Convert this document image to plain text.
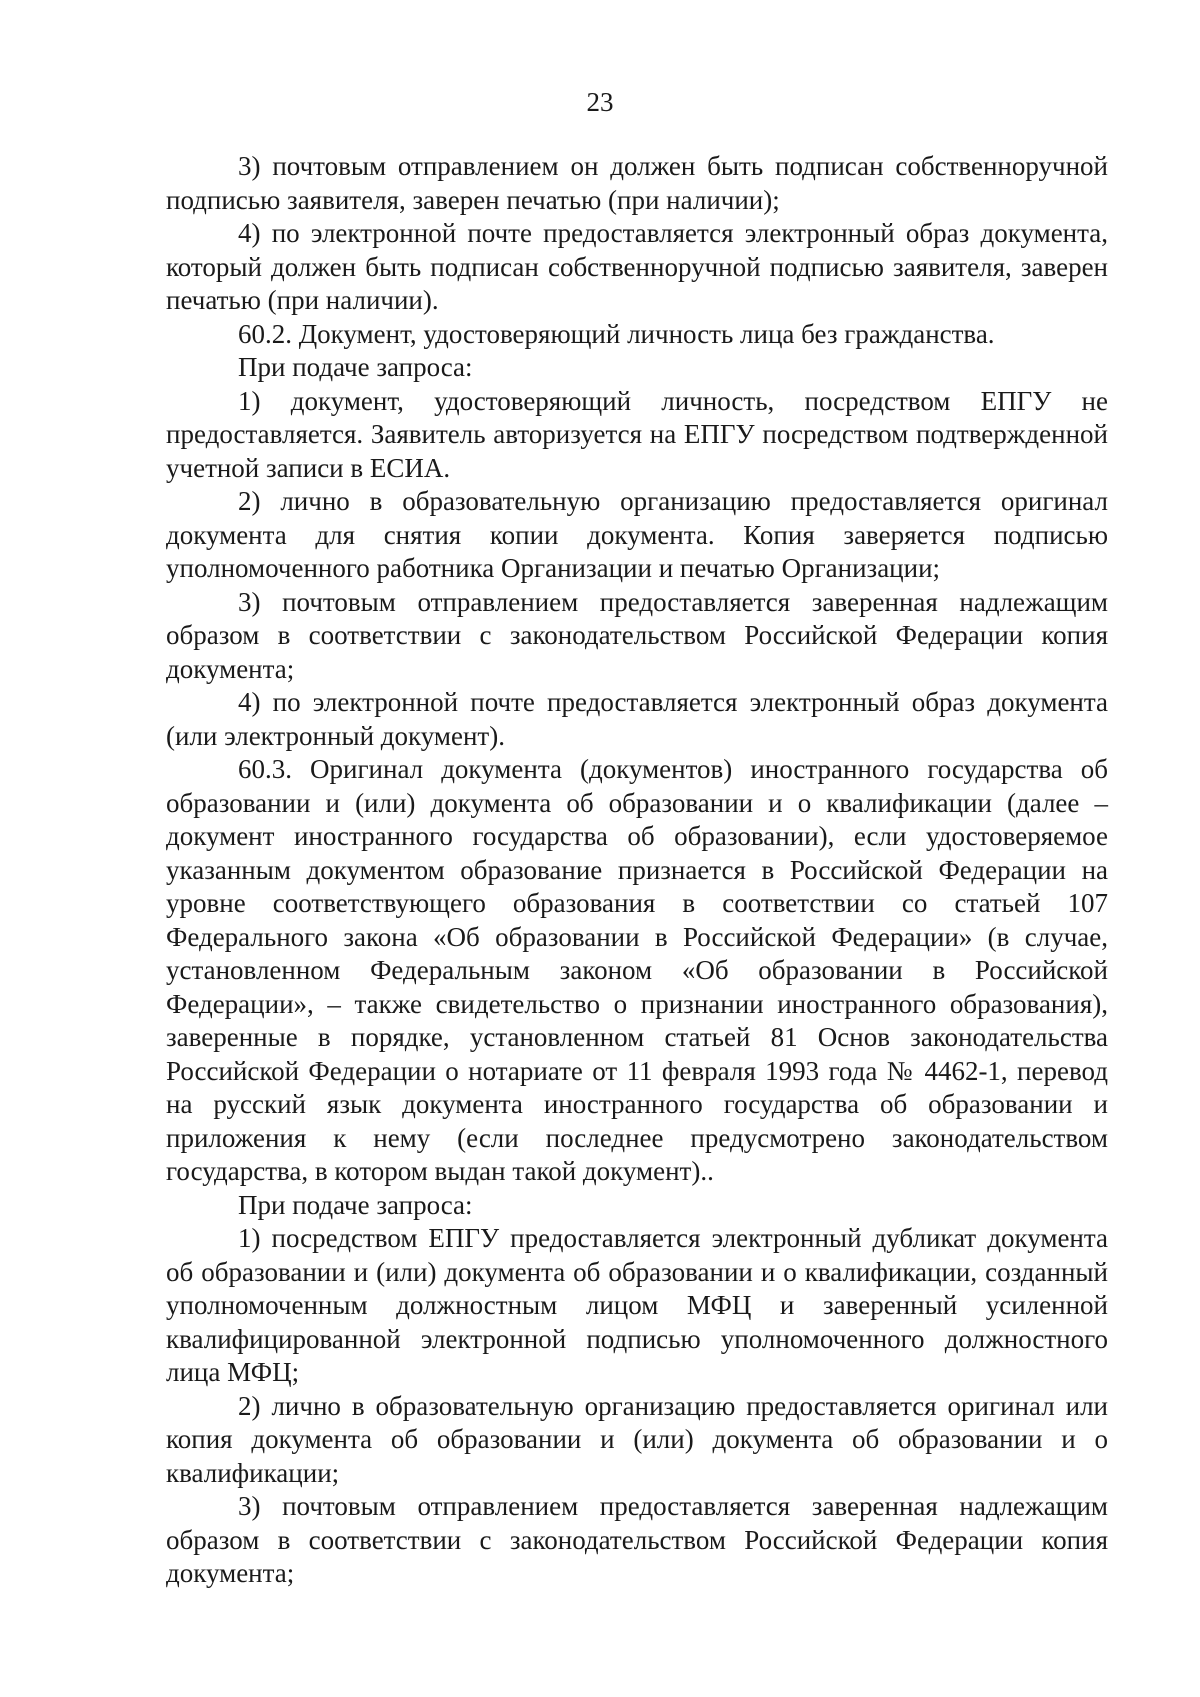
23

3) почтовым отправлением он должен быть подписан собственноручной подписью заявителя, заверен печатью (при наличии);

4) по электронной почте предоставляется электронный образ документа, который должен быть подписан собственноручной подписью заявителя, заверен печатью (при наличии).

60.2. Документ, удостоверяющий личность лица без гражданства.

При подаче запроса:

1) документ, удостоверяющий личность, посредством ЕПГУ не предоставляется. Заявитель авторизуется на ЕПГУ посредством подтвержденной учетной записи в ЕСИА.

2) лично в образовательную организацию предоставляется оригинал документа для снятия копии документа. Копия заверяется подписью уполномоченного работника Организации и печатью Организации;

3) почтовым отправлением предоставляется заверенная надлежащим образом в соответствии с законодательством Российской Федерации копия документа;

4) по электронной почте предоставляется электронный образ документа (или электронный документ).

60.3. Оригинал документа (документов) иностранного государства об образовании и (или) документа об образовании и о квалификации (далее – документ иностранного государства об образовании), если удостоверяемое указанным документом образование признается в Российской Федерации на уровне соответствующего образования в соответствии со статьей 107 Федерального закона «Об образовании в Российской Федерации» (в случае, установленном Федеральным законом «Об образовании в Российской Федерации», – также свидетельство о признании иностранного образования), заверенные в порядке, установленном статьей 81 Основ законодательства Российской Федерации о нотариате от 11 февраля 1993 года № 4462-1, перевод на русский язык документа иностранного государства об образовании и приложения к нему (если последнее предусмотрено законодательством государства, в котором выдан такой документ)..

При подаче запроса:

1) посредством ЕПГУ предоставляется электронный дубликат документа об образовании и (или) документа об образовании и о квалификации, созданный уполномоченным должностным лицом МФЦ и заверенный усиленной квалифицированной электронной подписью уполномоченного должностного лица МФЦ;

2) лично в образовательную организацию предоставляется оригинал или копия документа об образовании и (или) документа об образовании и о квалификации;

3) почтовым отправлением предоставляется заверенная надлежащим образом в соответствии с законодательством Российской Федерации копия документа;
